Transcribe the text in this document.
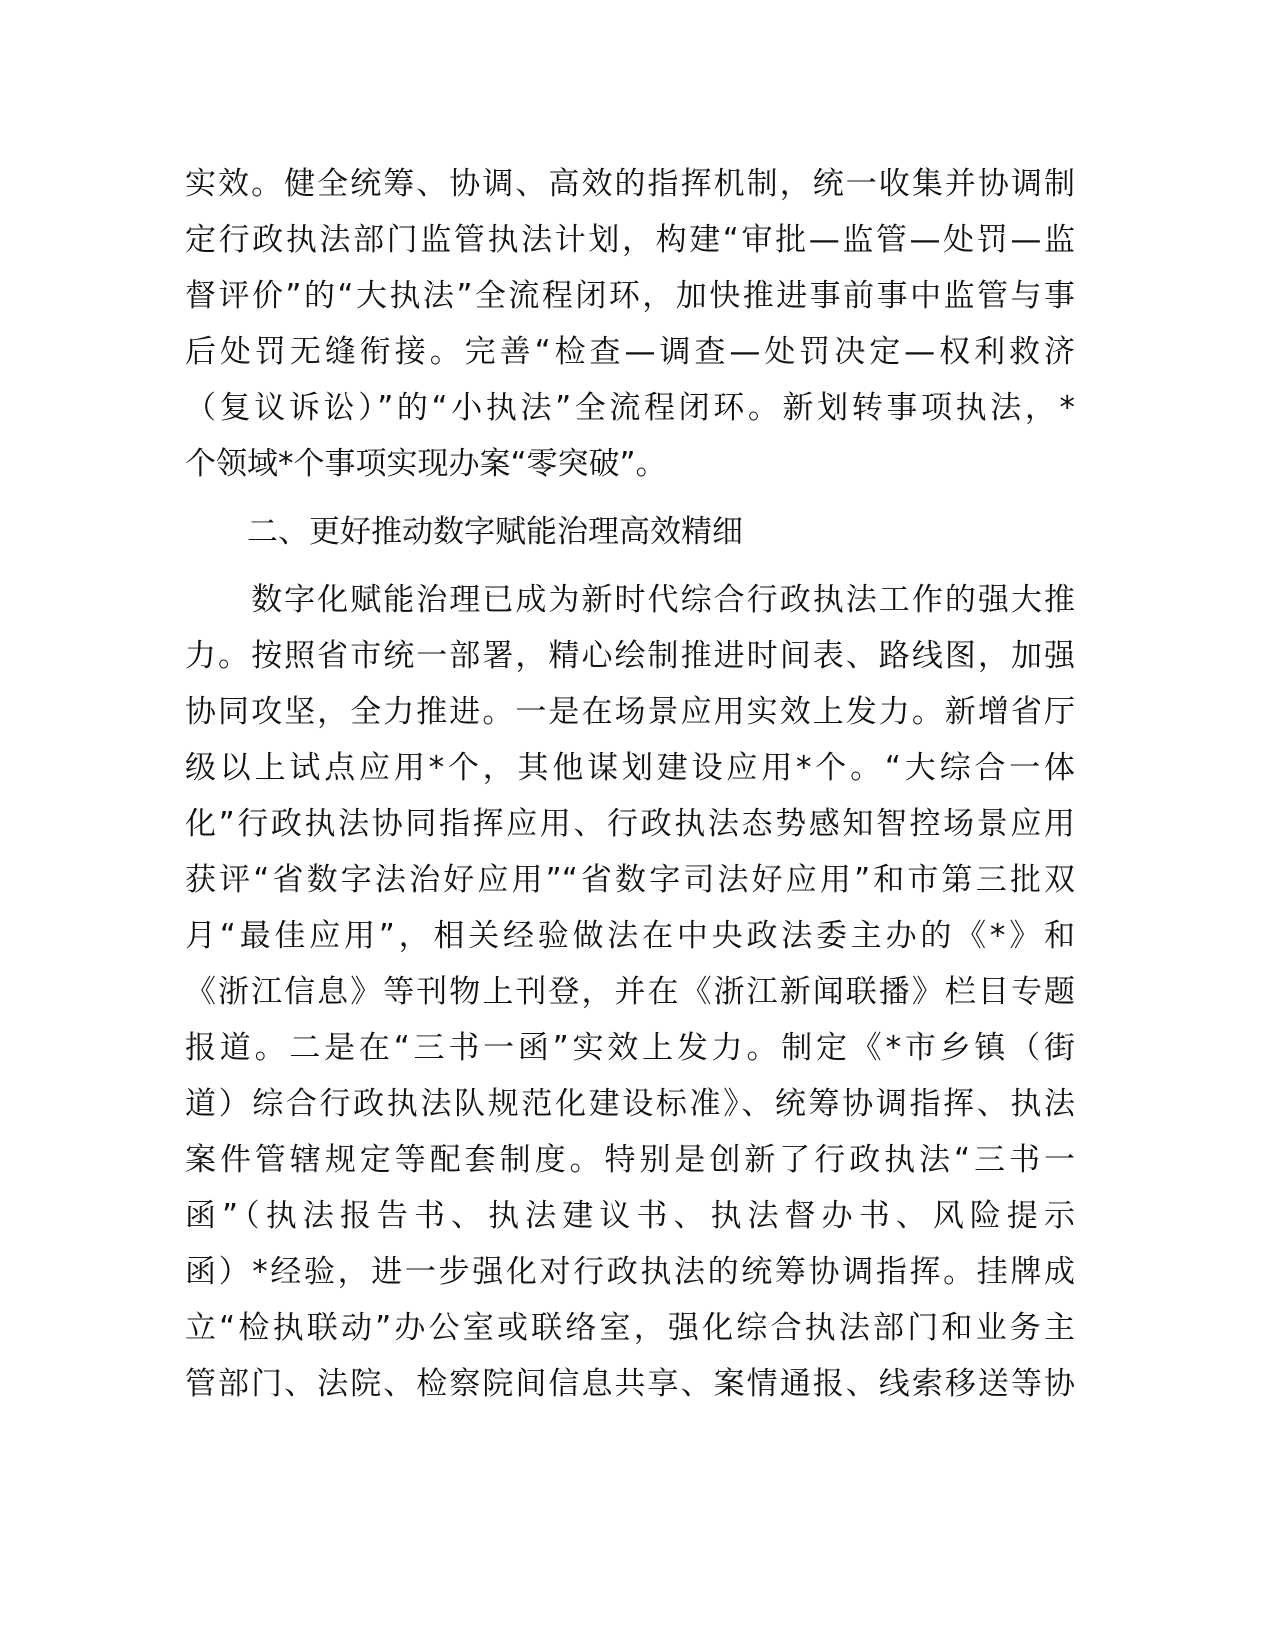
实效。健全统筹、协调、高效的指挥机制，统一收集并协调制
定行政执法部门监管执法计划，构建“审批—监管—处罚—监
督评价”的“大执法”全流程闭环，加快推进事前事中监管与事
后处罚无缝衔接。完善“检查—调查—处罚决定—权利救济
（复议诉讼）”的“小执法”全流程闭环。新划转事项执法，*
个领域*个事项实现办案“零突破”。
二、更好推动数字赋能治理高效精细
　　数字化赋能治理已成为新时代综合行政执法工作的强大推
力。按照省市统一部署，精心绘制推进时间表、路线图，加强
协同攻坚，全力推进。一是在场景应用实效上发力。新增省厅
级以上试点应用*个，其他谋划建设应用*个。“大综合一体
化”行政执法协同指挥应用、行政执法态势感知智控场景应用
获评“省数字法治好应用”“省数字司法好应用”和市第三批双
月“最佳应用”，相关经验做法在中央政法委主办的《*》和
《浙江信息》等刊物上刊登，并在《浙江新闻联播》栏目专题
报道。二是在“三书一函”实效上发力。制定《*市乡镇（街
道）综合行政执法队规范化建设标准》、统筹协调指挥、执法
案件管辖规定等配套制度。特别是创新了行政执法“三书一
函”（执法报告书、执法建议书、执法督办书、风险提示
函）*经验，进一步强化对行政执法的统筹协调指挥。挂牌成
立“检执联动”办公室或联络室，强化综合执法部门和业务主
管部门、法院、检察院间信息共享、案情通报、线索移送等协
